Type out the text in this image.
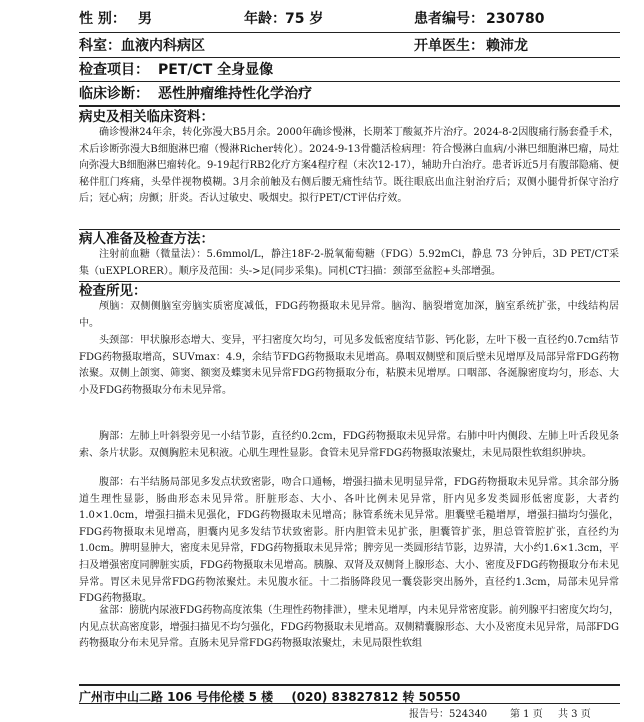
性 别： 男	年龄： 75 岁	患者编号： 230780
科室： 血液内科病区	开单医生： 赖沛龙
检查项目： PET/CT 全身显像
临床诊断： 恶性肿瘤维持性化学治疗
病史及相关临床资料：

确诊慢淋24年余，转化弥漫大B5月余。2000年确诊慢淋，长期苯丁酸氮芥片治疗。2024-8-2因腹痛行肠套叠手术，术后诊断弥漫大B细胞淋巴瘤（慢淋Richer转化）。2024-9-13骨髓活检病理：符合慢淋白血病/小淋巴细胞淋巴瘤，局灶向弥漫大B细胞淋巴瘤转化。9-19起行RB2化疗方案4程疗程（末次12-17），辅助升白治疗。患者诉近5月有腹部隐痛、便秘伴肛门疼痛，头晕伴视物模糊。3月余前触及右侧后腰无痛性结节。既往眼底出血注射治疗后；双侧小腿骨折保守治疗后；冠心病；房颤；肝炎。否认过敏史、吸烟史。拟行PET/CT评估疗效。

病人准备及检查方法：

注射前血糖（微量法）：5.6mmol/L，静注18F-2-脱氧葡萄糖（FDG）5.92mCi，静息 73 分钟后，3D PET/CT采集（uEXPLORER）。顺序及范围：头->足(同步采集)。同机CT扫描：颈部至盆腔+头部增强。

检查所见：

颅脑：双侧侧脑室旁脑实质密度减低，FDG药物摄取未见异常。脑沟、脑裂增宽加深，脑室系统扩张，中线结构居中。

头颈部：甲状腺形态增大、变异，平扫密度欠均匀，可见多发低密度结节影、钙化影，左叶下极一直径约0.7cm结节FDG药物摄取增高，SUVmax：4.9，余结节FDG药物摄取未见增高。鼻咽双侧壁和顶后壁未见增厚及局部异常FDG药物浓聚。双侧上颌窦、筛窦、额窦及蝶窦未见异常FDG药物摄取分布，粘膜未见增厚。口咽部、各涎腺密度均匀，形态、大小及FDG药物摄取分布未见异常。

胸部：左肺上叶斜裂旁见一小结节影，直径约0.2cm，FDG药物摄取未见异常。右肺中叶内侧段、左肺上叶舌段见条索、条片状影。双侧胸腔未见积液。心肌生理性显影。食管未见异常FDG药物摄取浓聚灶，未见局限性软组织肿块。

腹部：右半结肠局部见多发点状致密影，吻合口通畅，增强扫描未见明显异常，FDG药物摄取未见异常。其余部分肠道生理性显影，肠曲形态未见异常。肝脏形态、大小、各叶比例未见异常，肝内见多发类圆形低密度影，大者约1.0×1.0cm，增强扫描未见强化，FDG药物摄取未见增高；脉管系统未见异常。胆囊壁毛糙增厚，增强扫描均匀强化，FDG药物摄取未见增高，胆囊内见多发结节状致密影。肝内胆管未见扩张，胆囊管扩张，胆总管管腔扩张，直径约为1.0cm。脾明显肿大，密度未见异常，FDG药物摄取未见异常；脾旁见一类圆形结节影，边界清，大小约1.6×1.3cm，平扫及增强密度同脾脏实质，FDG药物摄取未见增高。胰腺、双肾及双侧肾上腺形态、大小、密度及FDG药物摄取分布未见异常。胃区未见异常FDG药物浓聚灶。未见腹水征。十二指肠降段见一囊袋影突出肠外，直径约1.3cm，局部未见异常FDG药物摄取。

盆部：膀胱内尿液FDG药物高度浓集（生理性药物排泄），壁未见增厚，内未见异常密度影。前列腺平扫密度欠均匀，内见点状高密度影，增强扫描见不均匀强化，FDG药物摄取未见增高。双侧精囊腺形态、大小及密度未见异常，局部FDG药物摄取分布未见异常。直肠未见异常FDG药物摄取浓聚灶，未见局限性软组

广州市中山二路 106 号伟伦楼 5 楼 (020) 83827812 转 50550
报告号：524340 第 1 页 共 3 页
